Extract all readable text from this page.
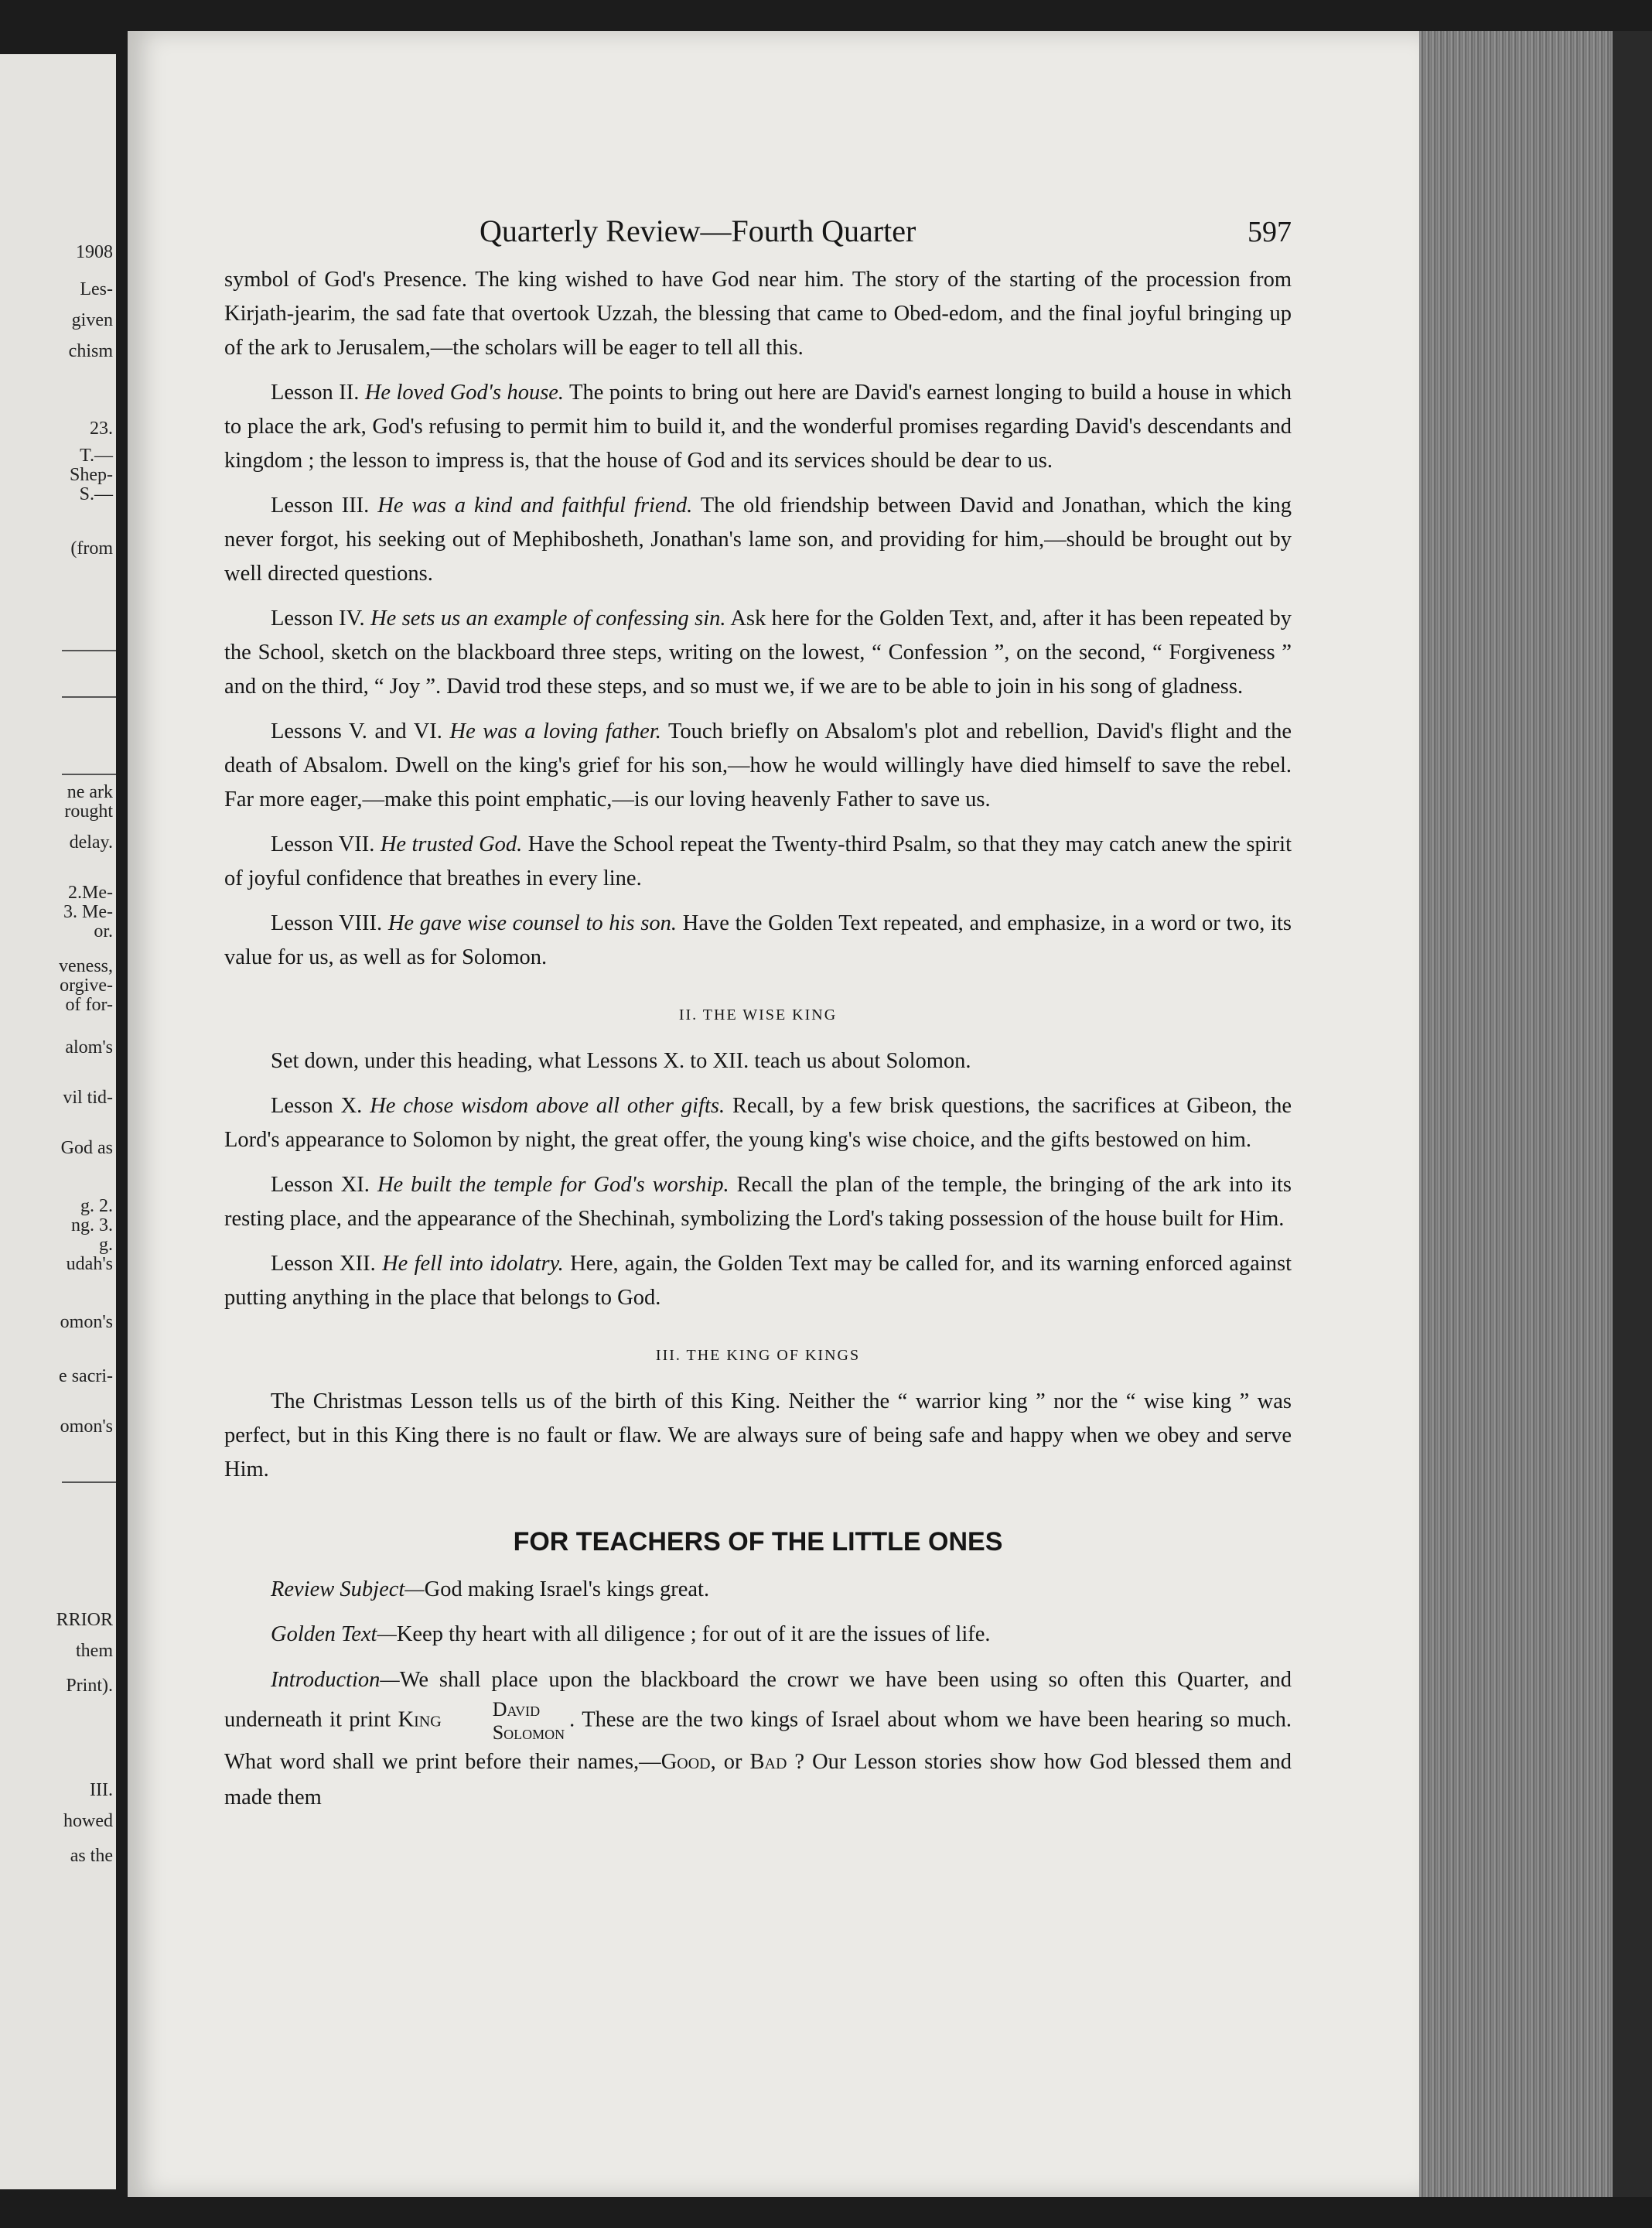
1908
Les-
given
chism
23.
T.—
Shep-
S.—
(from
ne ark
rought
delay.
2.Me-
3. Me-
or.
veness,
orgive-
of for-
alom's
vil tid-
God as
g. 2.
ng. 3.
g.
udah's
omon's
e sacri-
omon's
RRIOR
them
Print).
III.
howed
as the
Quarterly Review—Fourth Quarter	597

symbol of God's Presence. The king wished to have God near him. The story of the starting of the procession from Kirjath-jearim, the sad fate that overtook Uzzah, the blessing that came to Obed-edom, and the final joyful bringing up of the ark to Jerusalem,—the scholars will be eager to tell all this.

Lesson II. He loved God's house. The points to bring out here are David's earnest longing to build a house in which to place the ark, God's refusing to permit him to build it, and the wonderful promises regarding David's descendants and kingdom ; the lesson to impress is, that the house of God and its services should be dear to us.

Lesson III. He was a kind and faithful friend. The old friendship between David and Jonathan, which the king never forgot, his seeking out of Mephibosheth, Jonathan's lame son, and providing for him,—should be brought out by well directed questions.

Lesson IV. He sets us an example of confessing sin. Ask here for the Golden Text, and, after it has been repeated by the School, sketch on the blackboard three steps, writing on the lowest, “ Confession ”, on the second, “ Forgiveness ” and on the third, “ Joy ”. David trod these steps, and so must we, if we are to be able to join in his song of gladness.

Lessons V. and VI. He was a loving father. Touch briefly on Absalom's plot and rebellion, David's flight and the death of Absalom. Dwell on the king's grief for his son,—how he would willingly have died himself to save the rebel. Far more eager,—make this point emphatic,—is our loving heavenly Father to save us.

Lesson VII. He trusted God. Have the School repeat the Twenty-third Psalm, so that they may catch anew the spirit of joyful confidence that breathes in every line.

Lesson VIII. He gave wise counsel to his son. Have the Golden Text repeated, and emphasize, in a word or two, its value for us, as well as for Solomon.

II. THE WISE KING

Set down, under this heading, what Lessons X. to XII. teach us about Solomon.

Lesson X. He chose wisdom above all other gifts. Recall, by a few brisk questions, the sacrifices at Gibeon, the Lord's appearance to Solomon by night, the great offer, the young king's wise choice, and the gifts bestowed on him.

Lesson XI. He built the temple for God's worship. Recall the plan of the temple, the bringing of the ark into its resting place, and the appearance of the Shechinah, symbolizing the Lord's taking possession of the house built for Him.

Lesson XII. He fell into idolatry. Here, again, the Golden Text may be called for, and its warning enforced against putting anything in the place that belongs to God.

III. THE KING OF KINGS

The Christmas Lesson tells us of the birth of this King. Neither the “ warrior king ” nor the “ wise king ” was perfect, but in this King there is no fault or flaw. We are always sure of being safe and happy when we obey and serve Him.

FOR TEACHERS OF THE LITTLE ONES

Review Subject—God making Israel's kings great.

Golden Text—Keep thy heart with all diligence ; for out of it are the issues of life.

Introduction—We shall place upon the blackboard the crowr we have been using so often this Quarter, and underneath it print King	David
Solomon
. These are the two kings of Israel about whom we have been hearing so much. What word shall we print before their names,—Good, or Bad ? Our Lesson stories show how God blessed them and made them
